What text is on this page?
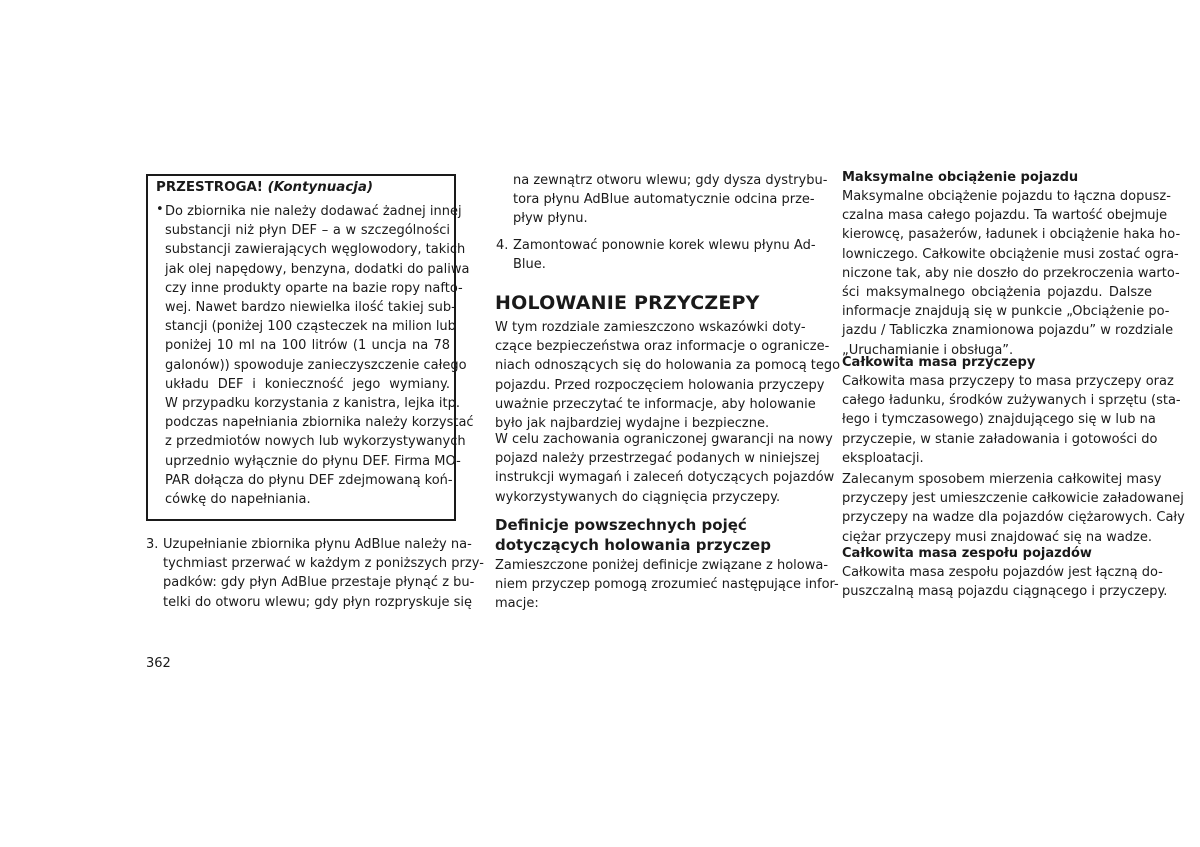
PRZESTROGA! (Kontynuacja)
• Do zbiornika nie należy dodawać żadnej innej
substancji niż płyn DEF – a w szczególności
substancji zawierających węglowodory, takich
jak olej napędowy, benzyna, dodatki do paliwa
czy inne produkty oparte na bazie ropy nafto-
wej. Nawet bardzo niewielka ilość takiej sub-
stancji (poniżej 100 cząsteczek na milion lub
poniżej 10 ml na 100 litrów (1 uncja na 78
galonów)) spowoduje zanieczyszczenie całego
układu DEF i konieczność jego wymiany.
W przypadku korzystania z kanistra, lejka itp.
podczas napełniania zbiornika należy korzystać
z przedmiotów nowych lub wykorzystywanych
uprzednio wyłącznie do płynu DEF. Firma MO-
PAR dołącza do płynu DEF zdejmowaną koń-
cówkę do napełniania.
3. Uzupełnianie zbiornika płynu AdBlue należy na-
tychmiast przerwać w każdym z poniższych przy-
padków: gdy płyn AdBlue przestaje płynąć z bu-
telki do otworu wlewu; gdy płyn rozpryskuje się
362
na zewnątrz otworu wlewu; gdy dysza dystrybu-
tora płynu AdBlue automatycznie odcina prze-
pływ płynu.
4. Zamontować ponownie korek wlewu płynu Ad-
Blue.
HOLOWANIE PRZYCZEPY
W tym rozdziale zamieszczono wskazówki doty-
czące bezpieczeństwa oraz informacje o ogranicze-
niach odnoszących się do holowania za pomocą tego
pojazdu. Przed rozpoczęciem holowania przyczepy
uważnie przeczytać te informacje, aby holowanie
było jak najbardziej wydajne i bezpieczne.
W celu zachowania ograniczonej gwarancji na nowy
pojazd należy przestrzegać podanych w niniejszej
instrukcji wymagań i zaleceń dotyczących pojazdów
wykorzystywanych do ciągnięcia przyczepy.
Definicje powszechnych pojęć
dotyczących holowania przyczep
Zamieszczone poniżej definicje związane z holowa-
niem przyczep pomogą zrozumieć następujące infor-
macje:
Maksymalne obciążenie pojazdu
Maksymalne obciążenie pojazdu to łączna dopusz-
czalna masa całego pojazdu. Ta wartość obejmuje
kierowcę, pasażerów, ładunek i obciążenie haka ho-
lowniczego. Całkowite obciążenie musi zostać ogra-
niczone tak, aby nie doszło do przekroczenia warto-
ści maksymalnego obciążenia pojazdu. Dalsze
informacje znajdują się w punkcie „Obciążenie po-
jazdu / Tabliczka znamionowa pojazdu” w rozdziale
„Uruchamianie i obsługa”.
Całkowita masa przyczepy
Całkowita masa przyczepy to masa przyczepy oraz
całego ładunku, środków zużywanych i sprzętu (sta-
łego i tymczasowego) znajdującego się w lub na
przyczepie, w stanie załadowania i gotowości do
eksploatacji.
Zalecanym sposobem mierzenia całkowitej masy
przyczepy jest umieszczenie całkowicie załadowanej
przyczepy na wadze dla pojazdów ciężarowych. Cały
ciężar przyczepy musi znajdować się na wadze.
Całkowita masa zespołu pojazdów
Całkowita masa zespołu pojazdów jest łączną do-
puszczalną masą pojazdu ciągnącego i przyczepy.
